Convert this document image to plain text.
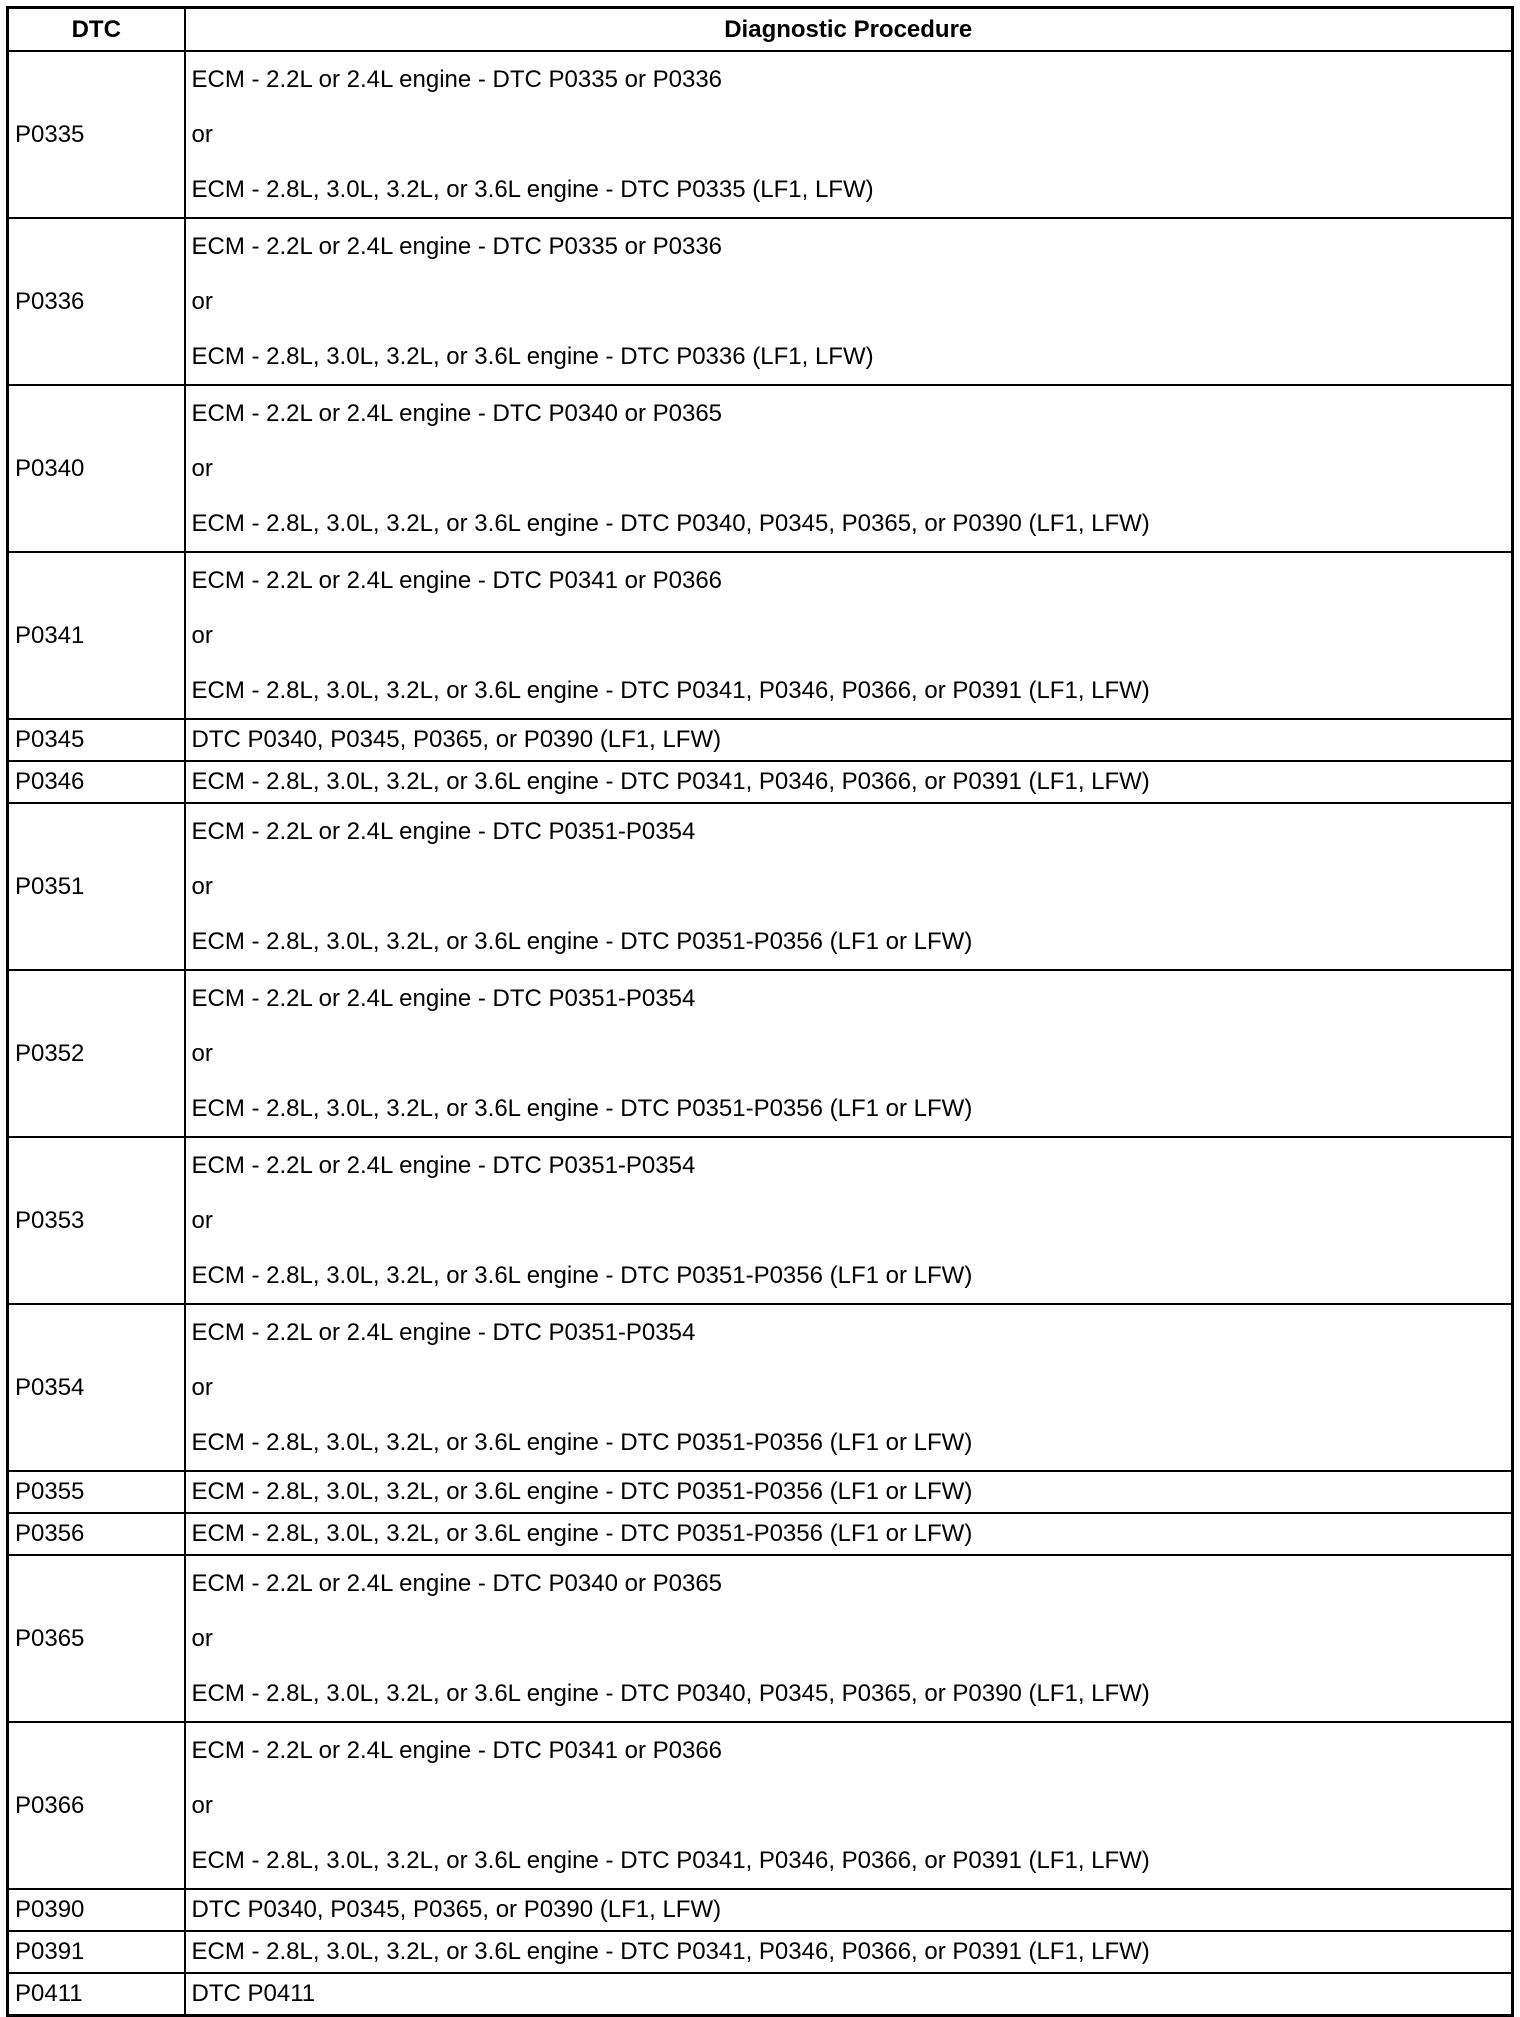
DTC	Diagnostic Procedure
P0335	ECM - 2.2L or 2.4L engine - DTC P0335 or P0336
or
ECM - 2.8L, 3.0L, 3.2L, or 3.6L engine - DTC P0335 (LF1, LFW)

P0336	ECM - 2.2L or 2.4L engine - DTC P0335 or P0336
or
ECM - 2.8L, 3.0L, 3.2L, or 3.6L engine - DTC P0336 (LF1, LFW)

P0340	ECM - 2.2L or 2.4L engine - DTC P0340 or P0365
or
ECM - 2.8L, 3.0L, 3.2L, or 3.6L engine - DTC P0340, P0345, P0365, or P0390 (LF1, LFW)

P0341	ECM - 2.2L or 2.4L engine - DTC P0341 or P0366
or
ECM - 2.8L, 3.0L, 3.2L, or 3.6L engine - DTC P0341, P0346, P0366, or P0391 (LF1, LFW)

P0345	DTC P0340, P0345, P0365, or P0390 (LF1, LFW)
P0346	ECM - 2.8L, 3.0L, 3.2L, or 3.6L engine - DTC P0341, P0346, P0366, or P0391 (LF1, LFW)
P0351	ECM - 2.2L or 2.4L engine - DTC P0351-P0354
or
ECM - 2.8L, 3.0L, 3.2L, or 3.6L engine - DTC P0351-P0356 (LF1 or LFW)

P0352	ECM - 2.2L or 2.4L engine - DTC P0351-P0354
or
ECM - 2.8L, 3.0L, 3.2L, or 3.6L engine - DTC P0351-P0356 (LF1 or LFW)

P0353	ECM - 2.2L or 2.4L engine - DTC P0351-P0354
or
ECM - 2.8L, 3.0L, 3.2L, or 3.6L engine - DTC P0351-P0356 (LF1 or LFW)

P0354	ECM - 2.2L or 2.4L engine - DTC P0351-P0354
or
ECM - 2.8L, 3.0L, 3.2L, or 3.6L engine - DTC P0351-P0356 (LF1 or LFW)

P0355	ECM - 2.8L, 3.0L, 3.2L, or 3.6L engine - DTC P0351-P0356 (LF1 or LFW)
P0356	ECM - 2.8L, 3.0L, 3.2L, or 3.6L engine - DTC P0351-P0356 (LF1 or LFW)
P0365	ECM - 2.2L or 2.4L engine - DTC P0340 or P0365
or
ECM - 2.8L, 3.0L, 3.2L, or 3.6L engine - DTC P0340, P0345, P0365, or P0390 (LF1, LFW)

P0366	ECM - 2.2L or 2.4L engine - DTC P0341 or P0366
or
ECM - 2.8L, 3.0L, 3.2L, or 3.6L engine - DTC P0341, P0346, P0366, or P0391 (LF1, LFW)

P0390	DTC P0340, P0345, P0365, or P0390 (LF1, LFW)
P0391	ECM - 2.8L, 3.0L, 3.2L, or 3.6L engine - DTC P0341, P0346, P0366, or P0391 (LF1, LFW)
P0411	DTC P0411
